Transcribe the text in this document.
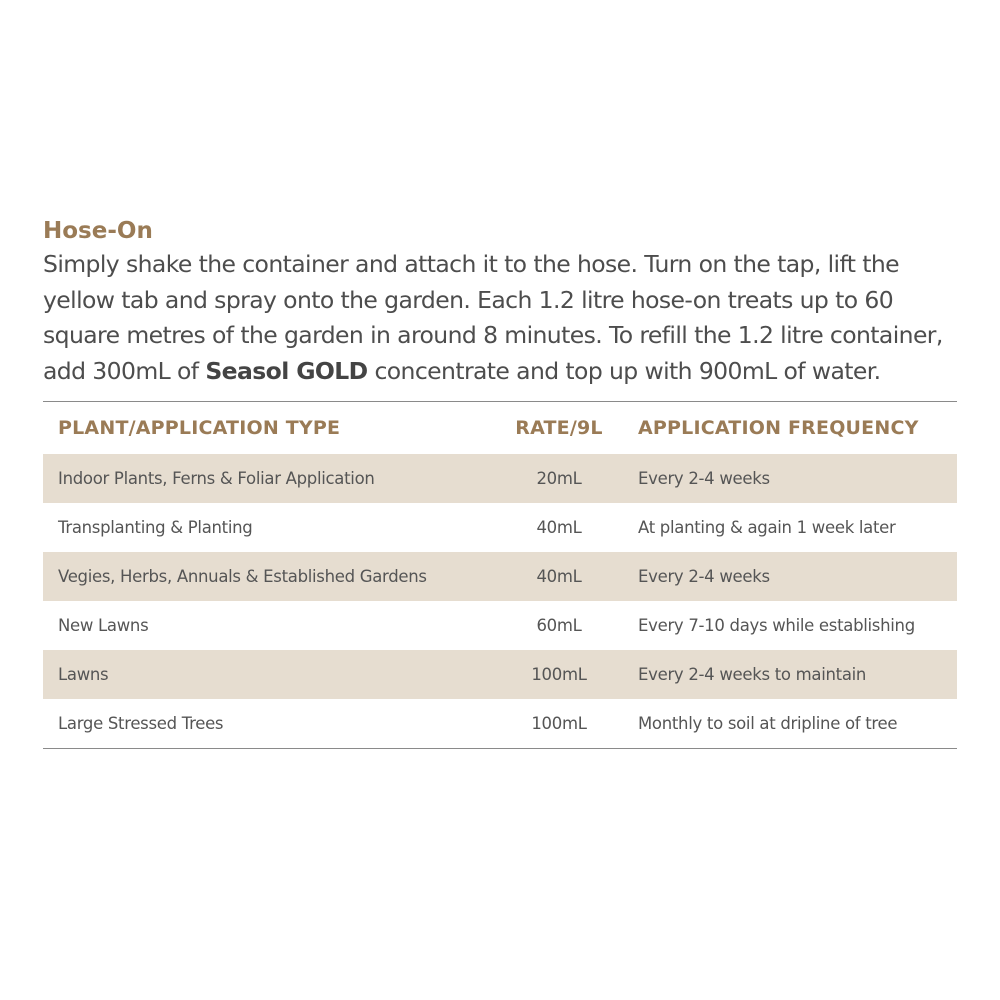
Hose-On

Simply shake the container and attach it to the hose. Turn on the tap, lift the yellow tab and spray onto the garden. Each 1.2 litre hose-on treats up to 60 square metres of the garden in around 8 minutes. To refill the 1.2 litre container, add 300mL of Seasol GOLD concentrate and top up with 900mL of water.

PLANT/APPLICATION TYPE	RATE/9L	APPLICATION FREQUENCY
Indoor Plants, Ferns & Foliar Application	20mL	Every 2-4 weeks
Transplanting & Planting	40mL	At planting & again 1 week later
Vegies, Herbs, Annuals & Established Gardens	40mL	Every 2-4 weeks
New Lawns	60mL	Every 7-10 days while establishing
Lawns	100mL	Every 2-4 weeks to maintain
Large Stressed Trees	100mL	Monthly to soil at dripline of tree
